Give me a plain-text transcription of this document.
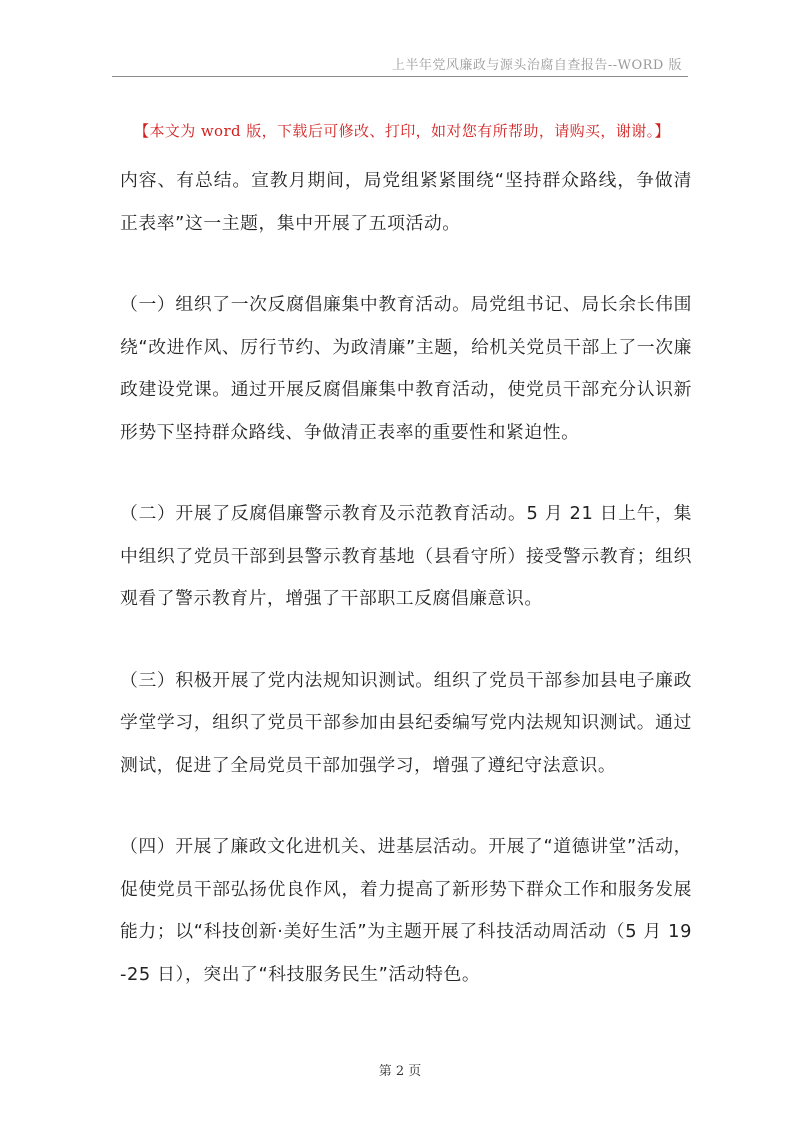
上半年党风廉政与源头治腐自查报告--WORD 版
【本文为 word 版，下载后可修改、打印，如对您有所帮助，请购买，谢谢。】

内容、有总结。宣教月期间，局党组紧紧围绕“坚持群众路线，争做清正表率”这一主题，集中开展了五项活动。

（一）组织了一次反腐倡廉集中教育活动。局党组书记、局长余长伟围绕“改进作风、厉行节约、为政清廉”主题，给机关党员干部上了一次廉政建设党课。通过开展反腐倡廉集中教育活动，使党员干部充分认识新形势下坚持群众路线、争做清正表率的重要性和紧迫性。

（二）开展了反腐倡廉警示教育及示范教育活动。5 月 21 日上午，集中组织了党员干部到县警示教育基地（县看守所）接受警示教育；组织观看了警示教育片，增强了干部职工反腐倡廉意识。

（三）积极开展了党内法规知识测试。组织了党员干部参加县电子廉政学堂学习，组织了党员干部参加由县纪委编写党内法规知识测试。通过测试，促进了全局党员干部加强学习，增强了遵纪守法意识。

（四）开展了廉政文化进机关、进基层活动。开展了“道德讲堂”活动，促使党员干部弘扬优良作风，着力提高了新形势下群众工作和服务发展能力；以“科技创新·美好生活”为主题开展了科技活动周活动（5 月 19-25 日），突出了“科技服务民生”活动特色。

第 2 页
